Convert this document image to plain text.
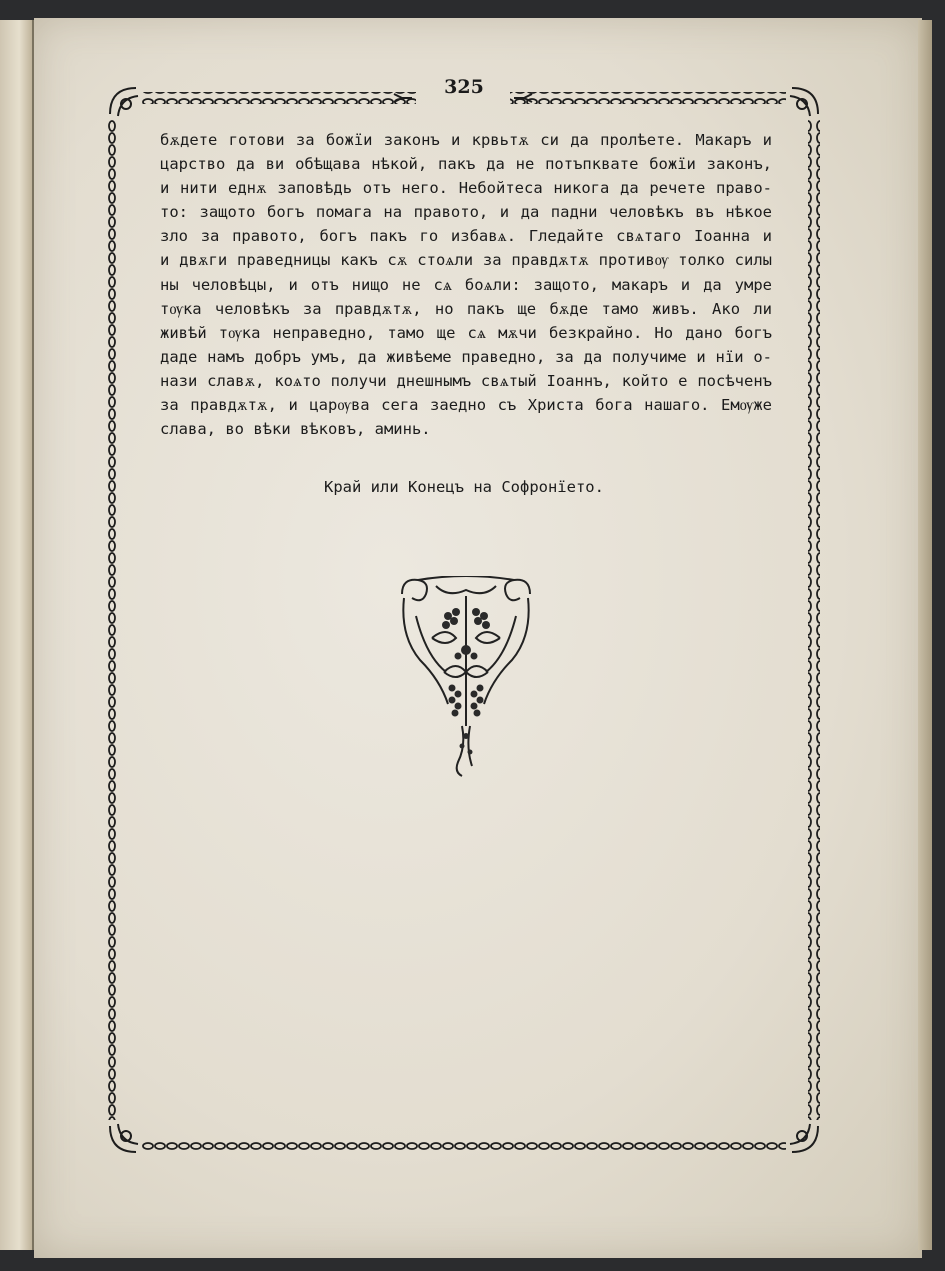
325
бѫдете готови за божїи законъ и крвьтѫ си да пролѣете. Макаръ и
царство да ви обѣщава нѣкой, пакъ да не потъпквате божїи законъ,
и нити еднѫ заповѣдь отъ него. Небойтеса никога да речете право-
то: защото богъ помага на правото, и да падни человѣкъ въ нѣкое
зло за правото, богъ пакъ го избавѧ. Гледайте свѧтаго Іоанна и
и двѫги праведницы какъ сѫ стоѧли за правдѫтѫ противѹ толко силы
ны человѣцы, и отъ нищо не сѧ боѧли: защото, макаръ и да умре
тѹка человѣкъ за правдѫтѫ, но пакъ ще бѫде тамо живъ. Ако ли
живѣй тѹка неправедно, тамо ще сѧ мѫчи безкрайно. Но дано богъ
даде намъ добръ умъ, да живѣеме праведно, за да получиме и нїи о-
нази славѫ, коѧто получи днешнымъ свѧтый Іоаннъ, който е посѣченъ
за правдѫтѫ, и царѹва сега заедно съ Христа бога нашаго. Емѹже
слава, во вѣки вѣковъ, аминь.
Край или Конецъ на Софронїето.
